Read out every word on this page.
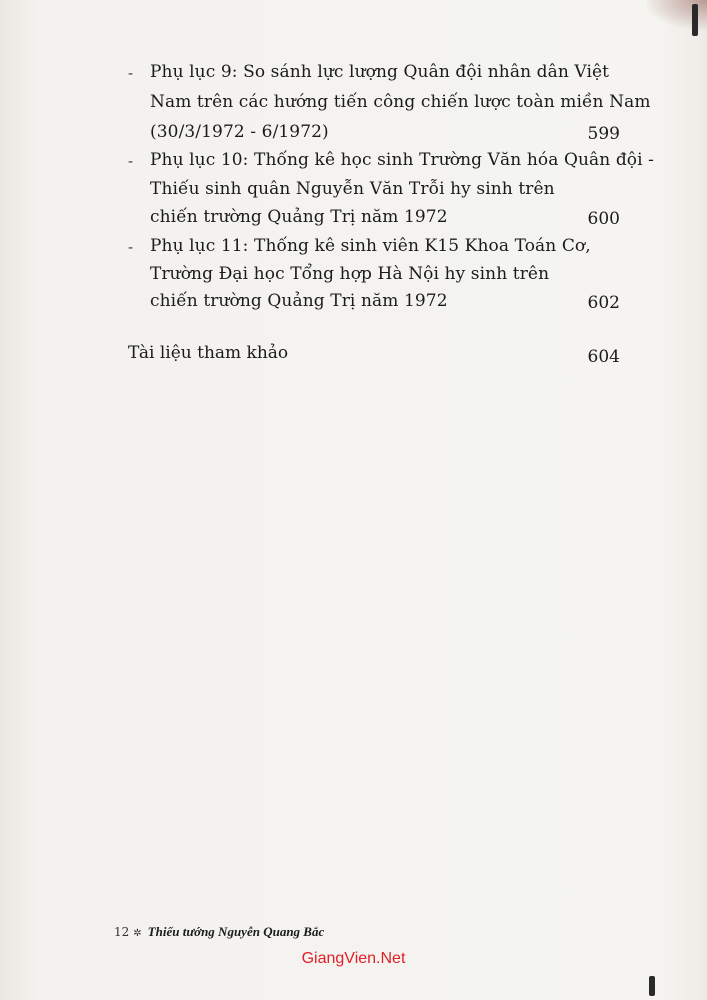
- Phụ lục 9: So sánh lực lượng Quân đội nhân dân Việt
Nam trên các hướng tiến công chiến lược toàn miền Nam
(30/3/1972 - 6/1972)	599
- Phụ lục 10: Thống kê học sinh Trường Văn hóa Quân đội -
Thiếu sinh quân Nguyễn Văn Trỗi hy sinh trên
chiến trường Quảng Trị năm 1972	600
- Phụ lục 11: Thống kê sinh viên K15 Khoa Toán Cơ,
Trường Đại học Tổng hợp Hà Nội hy sinh trên
chiến trường Quảng Trị năm 1972	602
Tài liệu tham khảo	604
12 ✲ Thiếu tướng Nguyễn Quang Bắc
GiangVien.Net
